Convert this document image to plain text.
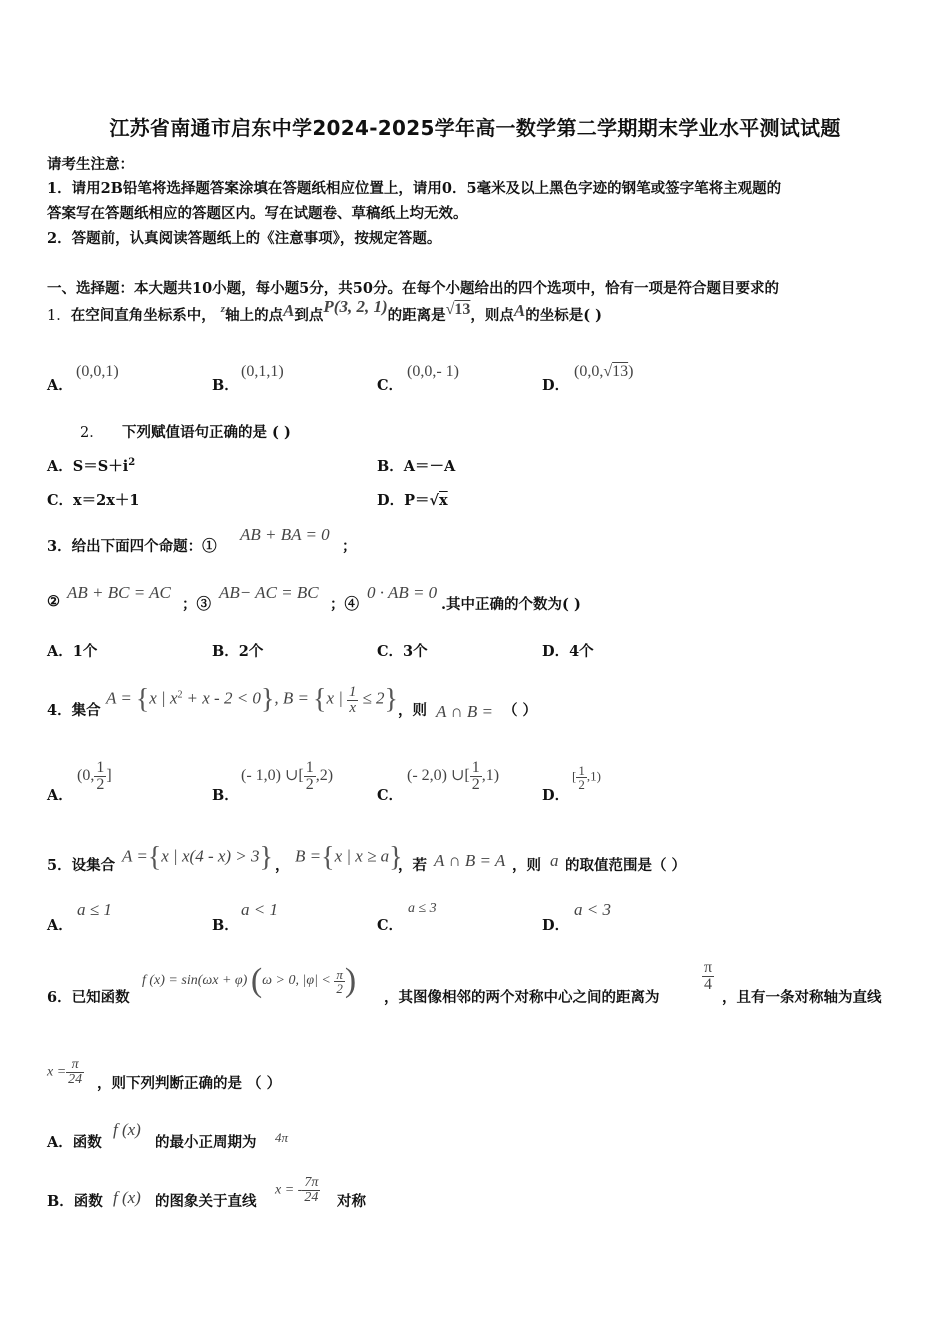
江苏省南通市启东中学2024-2025学年高一数学第二学期期末学业水平测试试题
请考生注意：
1．请用2B铅笔将选择题答案涂填在答题纸相应位置上，请用0．5毫米及以上黑色字迹的钢笔或签字笔将主观题的
答案写在答题纸相应的答题区内。写在试题卷、草稿纸上均无效。
2．答题前，认真阅读答题纸上的《注意事项》，按规定答题。
一、选择题：本大题共10小题，每小题5分，共50分。在每个小题给出的四个选项中，恰有一项是符合题目要求的
1．在空间直角坐标系中， $^z$轴上的点A到点P(3, 2, 1)的距离是√13，则点A的坐标是( )
A．
(0,0,1)
B．
(0,1,1)
C．
(0,0,- 1)
D．
(0,0,√13)
2． 下列赋值语句正确的是 ( )
A．$S=S+i^2$	B．A＝－A
C．x＝2x＋1	D．P＝√x
3．给出下面四个命题：①
AB + BA = 0
；
② AB + BC = AC
；③
AB− AC = BC
；④
0 · AB = 0
.其中正确的个数为( )
A．1个	B．2个	C．3个	D．4个
4．集合
A = {x | $x^2 + x - 2 < 0$}, B = {x | $\frac{1}{x} \le 2$} ，则 A ∩ B = （ ）
A．
(0, $\frac{1}{2}$ ]
B．
(- 1,0) ∪[ $\frac{1}{2} ,2$)
C．
(- 2,0) ∪[ $\frac{1}{2} ,1$)
D．
[ $\frac{1}{2} ,1$)
5．设集合 A ={x | x(4 - x) > 3} ， B ={x | x ≥ a}
，若 A ∩ B = A ，则 a 的取值范围是（ ）
A．
a ≤ 1
B．
a < 1
C．
a ≤ 3
D．
a < 3
6．已知函数
f (x) = sin(ωx + φ) (ω > 0, $|\varphi| < \frac{\pi}{2}$ ) ，其图像相邻的两个对称中心之间的距离为
$\frac{\pi}{4}$
，且有一条对称轴为直线
$x = \frac{\pi}{24}$ ，则下列判断正确的是 （ ）
A．函数
f (x)
的最小正周期为 4π
B．函数 f (x) 的图象关于直线
x = - $\frac{7\pi}{24}$ 对称
